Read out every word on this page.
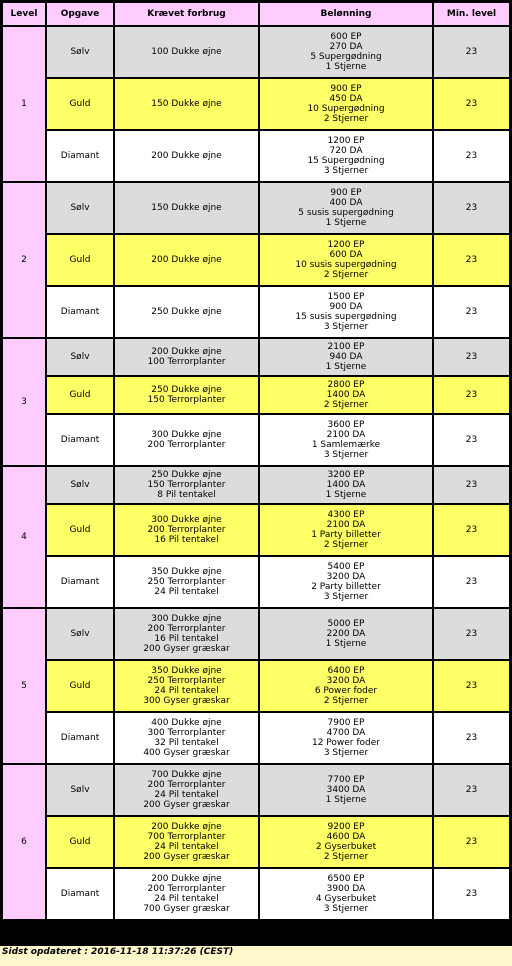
Level	Opgave	Krævet forbrug	Belønning	Min. level
1	Sølv	100 Dukke øjne	600 EP
270 DA
5 Supergødning
1 Stjerne	23
	Guld	150 Dukke øjne	900 EP
450 DA
10 Supergødning
2 Stjerner	23
	Diamant	200 Dukke øjne	1200 EP
720 DA
15 Supergødning
3 Stjerner	23
2	Sølv	150 Dukke øjne	900 EP
400 DA
5 susis supergødning
1 Stjerne	23
	Guld	200 Dukke øjne	1200 EP
600 DA
10 susis supergødning
2 Stjerner	23
	Diamant	250 Dukke øjne	1500 EP
900 DA
15 susis supergødning
3 Stjerner	23
3	Sølv	200 Dukke øjne
100 Terrorplanter	2100 EP
940 DA
1 Stjerne	23
	Guld	250 Dukke øjne
150 Terrorplanter	2800 EP
1400 DA
2 Stjerner	23
	Diamant	300 Dukke øjne
200 Terrorplanter	3600 EP
2100 DA
1 Samlemærke
3 Stjerner	23
4	Sølv	250 Dukke øjne
150 Terrorplanter
8 Pil tentakel	3200 EP
1400 DA
1 Stjerne	23
	Guld	300 Dukke øjne
200 Terrorplanter
16 Pil tentakel	4300 EP
2100 DA
1 Party billetter
2 Stjerner	23
	Diamant	350 Dukke øjne
250 Terrorplanter
24 Pil tentakel	5400 EP
3200 DA
2 Party billetter
3 Stjerner	23
5	Sølv	300 Dukke øjne
200 Terrorplanter
16 Pil tentakel
200 Gyser græskar	5000 EP
2200 DA
1 Stjerne	23
	Guld	350 Dukke øjne
250 Terrorplanter
24 Pil tentakel
300 Gyser græskar	6400 EP
3200 DA
6 Power foder
2 Stjerner	23
	Diamant	400 Dukke øjne
300 Terrorplanter
32 Pil tentakel
400 Gyser græskar	7900 EP
4700 DA
12 Power foder
3 Stjerner	23
6	Sølv	700 Dukke øjne
200 Terrorplanter
24 Pil tentakel
200 Gyser græskar	7700 EP
3400 DA
1 Stjerne	23
	Guld	200 Dukke øjne
700 Terrorplanter
24 Pil tentakel
200 Gyser græskar	9200 EP
4600 DA
2 Gyserbuket
2 Stjerner	23
	Diamant	200 Dukke øjne
200 Terrorplanter
24 Pil tentakel
700 Gyser græskar	6500 EP
3900 DA
4 Gyserbuket
3 Stjerner	23
Sidst opdateret : 2016-11-18 11:37:26 (CEST)
